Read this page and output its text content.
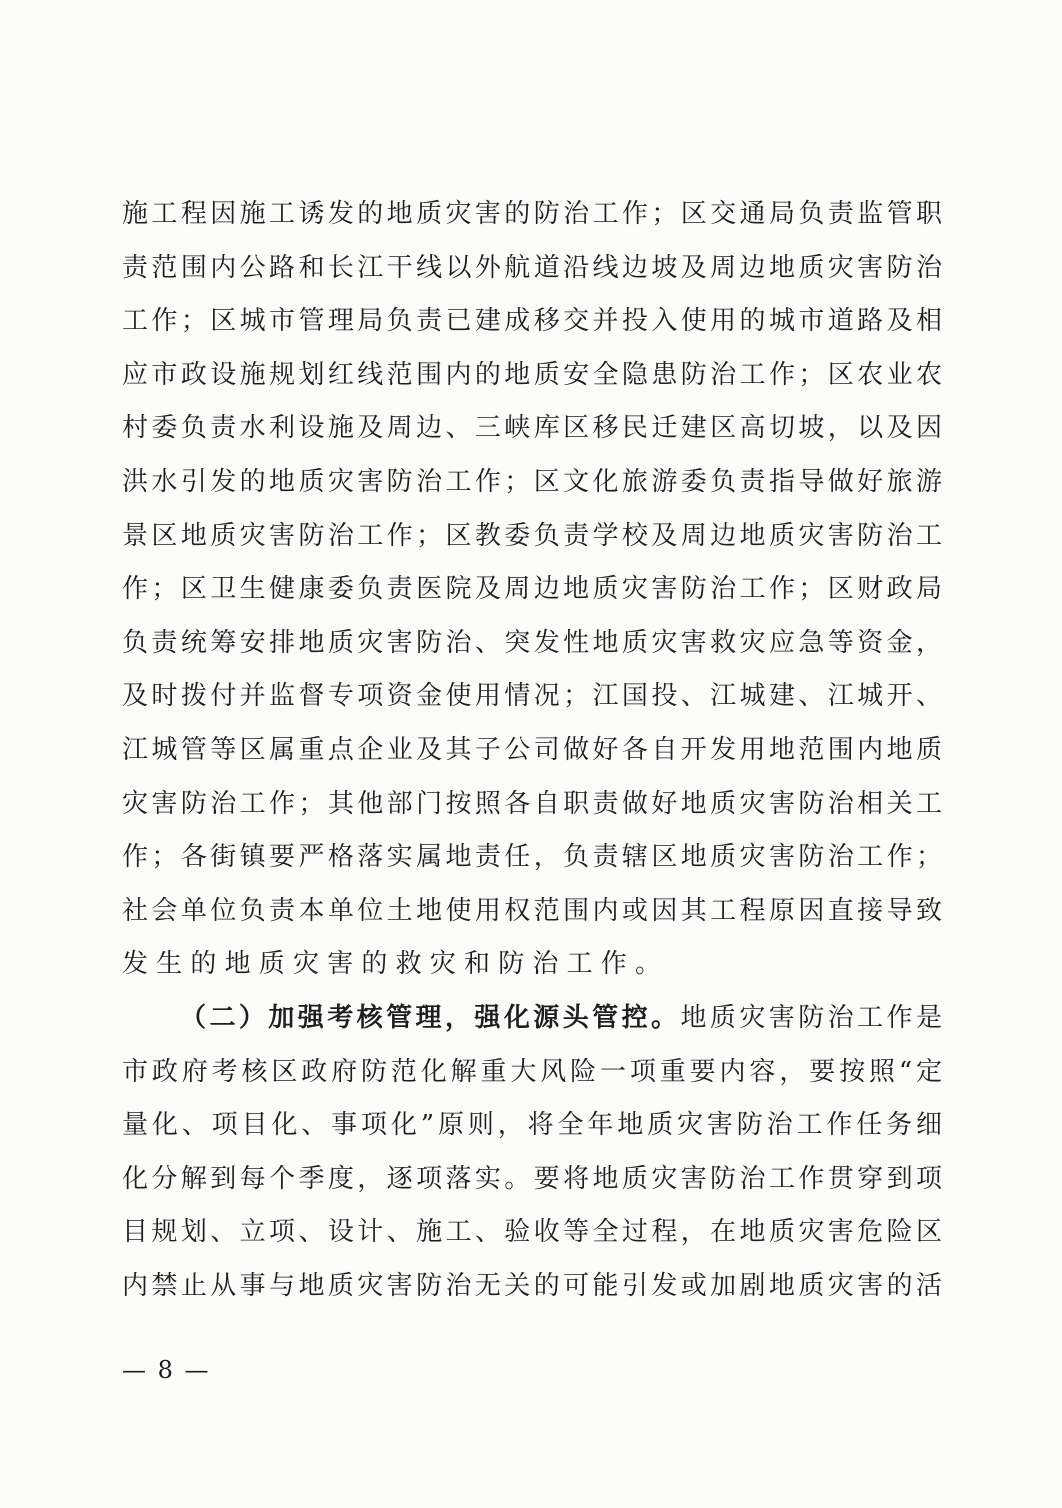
施工程因施工诱发的地质灾害的防治工作；区交通局负责监管职
责范围内公路和长江干线以外航道沿线边坡及周边地质灾害防治
工作；区城市管理局负责已建成移交并投入使用的城市道路及相
应市政设施规划红线范围内的地质安全隐患防治工作；区农业农
村委负责水利设施及周边、三峡库区移民迁建区高切坡，以及因
洪水引发的地质灾害防治工作；区文化旅游委负责指导做好旅游
景区地质灾害防治工作；区教委负责学校及周边地质灾害防治工
作；区卫生健康委负责医院及周边地质灾害防治工作；区财政局
负责统筹安排地质灾害防治、突发性地质灾害救灾应急等资金，
及时拨付并监督专项资金使用情况；江国投、江城建、江城开、
江城管等区属重点企业及其子公司做好各自开发用地范围内地质
灾害防治工作；其他部门按照各自职责做好地质灾害防治相关工
作；各街镇要严格落实属地责任，负责辖区地质灾害防治工作；
社会单位负责本单位土地使用权范围内或因其工程原因直接导致
发生的地质灾害的救灾和防治工作。
（二）加强考核管理，强化源头管控。地质灾害防治工作是
市政府考核区政府防范化解重大风险一项重要内容，要按照“定
量化、项目化、事项化”原则，将全年地质灾害防治工作任务细
化分解到每个季度，逐项落实。要将地质灾害防治工作贯穿到项
目规划、立项、设计、施工、验收等全过程，在地质灾害危险区
内禁止从事与地质灾害防治无关的可能引发或加剧地质灾害的活
— 8 —
